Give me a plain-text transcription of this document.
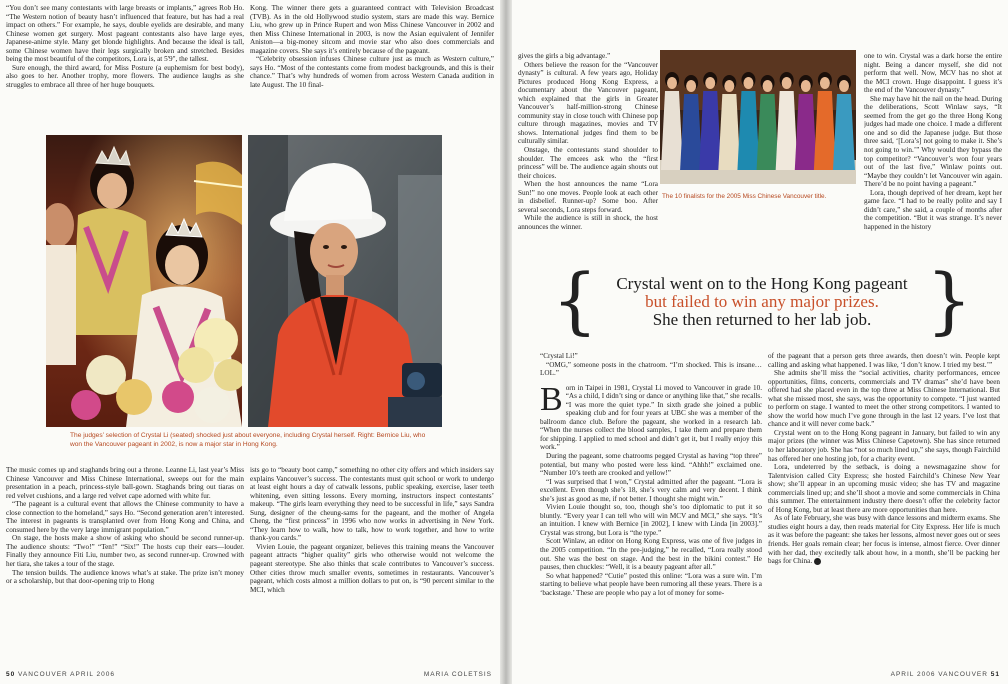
“You don’t see many contestants with large breasts or implants,” agrees Rob Ho. “The Western notion of beauty hasn’t influenced that feature, but has had a real impact on others.” For example, he says, double eyelids are desirable, and many Chinese women get surgery. Most pageant contestants also have large eyes, Japanese-anime style. Many get blonde highlights. And because the ideal is tall, some Chinese women have their legs surgically broken and stretched. Besides being the most beautiful of the competitors, Lora is, at 5'9", the tallest.

Sure enough, the third award, for Miss Posture (a euphemism for best body), also goes to her. Another trophy, more flowers. The audience laughs as she struggles to embrace all three of her huge bouquets.

Kong. The winner there gets a guaranteed contract with Television Broadcast (TVB). As in the old Hollywood studio system, stars are made this way. Bernice Liu, who grew up in Prince Rupert and won Miss Chinese Vancouver in 2002 and then Miss Chinese International in 2003, is now the Asian equivalent of Jennifer Aniston—a big-money sitcom and movie star who also does commercials and magazine covers. She says it’s entirely because of the pageant.

“Celebrity obsession infuses Chinese culture just as much as Western culture,” says Ho. “Most of the contestants come from modest backgrounds, and this is their chance.” That’s why hundreds of women from across Western Canada audition in late August. The 10 final-

The judges’ selection of Crystal Li (seated) shocked just about everyone, including Crystal herself. Right: Bernice Liu, who won the Vancouver pageant in 2002, is now a major star in Hong Kong.

The music comes up and staghands bring out a throne. Leanne Li, last year’s Miss Chinese Vancouver and Miss Chinese International, sweeps out for the main presentation in a peach, princess-style ball-gown. Staghands bring out tiaras on red velvet cushions, and a large red velvet cape adorned with white fur.

“The pageant is a cultural event that allows the Chinese community to have a close connection to the homeland,” says Ho. “Second generation aren’t interested. The interest in pageants is transplanted over from Hong Kong and China, and consumed here by the very large immigrant population.”

On stage, the hosts make a show of asking who should be second runner-up. The audience shouts: “Two!” “Ten!” “Six!” The hosts cup their ears—louder. Finally they announce Fiti Liu, number two, as second runner-up. Crowned with her tiara, she takes a tour of the stage.

The tension builds. The audience knows what’s at stake. The prize isn’t money or a scholarship, but that door-opening trip to Hong

ists go to “beauty boot camp,” something no other city offers and which insiders say explains Vancouver’s success. The contestants must quit school or work to undergo at least eight hours a day of catwalk lessons, public speaking, exercise, laser teeth whitening, even sitting lessons. Every morning, instructors inspect contestants’ makeup. “The girls learn everything they need to be successful in life,” says Sandra Sung, designer of the cheung-sams for the pageant, and the mother of Angela Cheng, the “first princess” in 1996 who now works in advertising in New York. “They learn how to walk, how to talk, how to work together, and how to write thank-you cards.”

Vivien Louie, the pageant organizer, believes this training means the Vancouver pageant attracts “higher quality” girls who otherwise would not welcome the pageant stereotype. She also thinks that scale contributes to Vancouver’s success. Other cities throw much smaller events, sometimes in restaurants. Vancouver’s pageant, which costs almost a million dollars to put on, is “90 percent similar to the MCI, which

50 VANCOUVER APRIL 2006	MARIA COLETSIS

gives the girls a big advantage.”

Others believe the reason for the “Vancouver dynasty” is cultural. A few years ago, Holiday Pictures produced Hong Kong Express, a documentary about the Vancouver pageant, which explained that the girls in Greater Vancouver’s half-million-strong Chinese community stay in close touch with Chinese pop culture through magazines, movies and TV shows. International judges find them to be culturally similar.

Onstage, the contestants stand shoulder to shoulder. The emcees ask who the “first princess” will be. The audience again shouts out their choices.

When the host announces the name “Lora Sun!” no one moves. People look at each other in disbelief. Runner-up? Some boo. After several seconds, Lora steps forward.

While the audience is still in shock, the host announces the winner.

The 10 finalists for the 2005 Miss Chinese Vancouver title.

one to win. Crystal was a dark horse the entire night. Being a dancer myself, she did not perform that well. Now, MCV has no shot at the MCI crown. Huge disappoint. I guess it’s the end of the Vancouver dynasty.”

She may have hit the nail on the head. During the deliberations, Scott Winlaw says, “It seemed from the get go the three Hong Kong judges had made one choice. I made a different one and so did the Japanese judge. But those three said, ‘[Lora’s] not going to make it. She’s not going to win.’” Why would they bypass the top competitor? “Vancouver’s won four years out of the last five,” Winlaw points out. “Maybe they couldn’t let Vancouver win again. There’d be no point having a pageant.”

Lora, though deprived of her dream, kept her game face. “I had to be really polite and say I didn’t care,” she said, a couple of months after the competition. “But it was strange. It’s never happened in the history

{	}
Crystal went on to the Hong Kong pageant
but failed to win any major prizes.
She then returned to her lab job.

“Crystal Li!”

“OMG,” someone posts in the chatroom. “I’m shocked. This is insane…LOL.”

Born in Taipei in 1981, Crystal Li moved to Vancouver in grade 10. “As a child, I didn’t sing or dance or anything like that,” she recalls. “I was more the quiet type.” In sixth grade she joined a public speaking club and for four years at UBC she was a member of the ballroom dance club. Before the pageant, she worked in a research lab. “When the nurses collect the blood samples, I take them and prepare them for shipping. I applied to med school and didn’t get it, but I really enjoy this work.”

During the pageant, some chatrooms pegged Crystal as having “top three” potential, but many who posted were less kind. “Ahhh!” exclaimed one. “Number 10’s teeth are crooked and yellow!”

“I was surprised that I won,” Crystal admitted after the pageant. “Lora is excellent. Even though she’s 18, she’s very calm and very decent. I think she’s just as good as me, if not better. I thought she might win.”

Vivien Louie thought so, too, though she’s too diplomatic to put it so bluntly. “Every year I can tell who will win MCV and MCI,” she says. “It’s an intuition. I knew with Bernice [in 2002], I knew with Linda [in 2003].” Crystal was strong, but Lora is “the type.”

Scott Winlaw, an editor on Hong Kong Express, was one of five judges in the 2005 competition. “In the pre-judging,” he recalled, “Lora really stood out. She was the best on stage. And the best in the bikini contest.” He pauses, then chuckles: “Well, it is a beauty pageant after all.”

So what happened? “Cutie” posted this online: “Lora was a sure win. I’m starting to believe what people have been rumoring all these years. There is a ‘backstage.’ These are people who pay a lot of money for some-

of the pageant that a person gets three awards, then doesn’t win. People kept calling and asking what happened. I was like, ‘I don’t know. I tried my best.’”

She admits she’ll miss the “social activities, charity performances, emcee opportunities, films, concerts, commercials and TV dramas” she’d have been offered had she placed even in the top three at Miss Chinese International. But what she missed most, she says, was the opportunity to compete. “I just wanted to perform on stage. I wanted to meet the other strong competitors. I wanted to show the world how much I’ve gone through in the last 12 years. I’ve lost that chance and it will never come back.”

Crystal went on to the Hong Kong pageant in January, but failed to win any major prizes (the winner was Miss Chinese Capetown). She has since returned to her laboratory job. She has “not so much lined up,” she says, though Fairchild has offered her one hosting job, for a charity event.

Lora, undeterred by the setback, is doing a newsmagazine show for Talentvision called City Express; she hosted Fairchild’s Chinese New Year show; she’ll appear in an upcoming music video; she has TV and magazine commercials lined up; and she’ll shoot a movie and some commercials in China this summer. The entertainment industry there doesn’t offer the celebrity factor of Hong Kong, but at least there are more opportunities than here.

As of late February, she was busy with dance lessons and midterm exams. She studies eight hours a day, then reads material for City Express. Her life is much as it was before the pageant: she takes her lessons, almost never goes out or sees friends. Her goals remain clear; her focus is intense, almost fierce. Over dinner with her dad, they excitedly talk about how, in a month, she’ll be packing her bags for China.

APRIL 2006 VANCOUVER 51
